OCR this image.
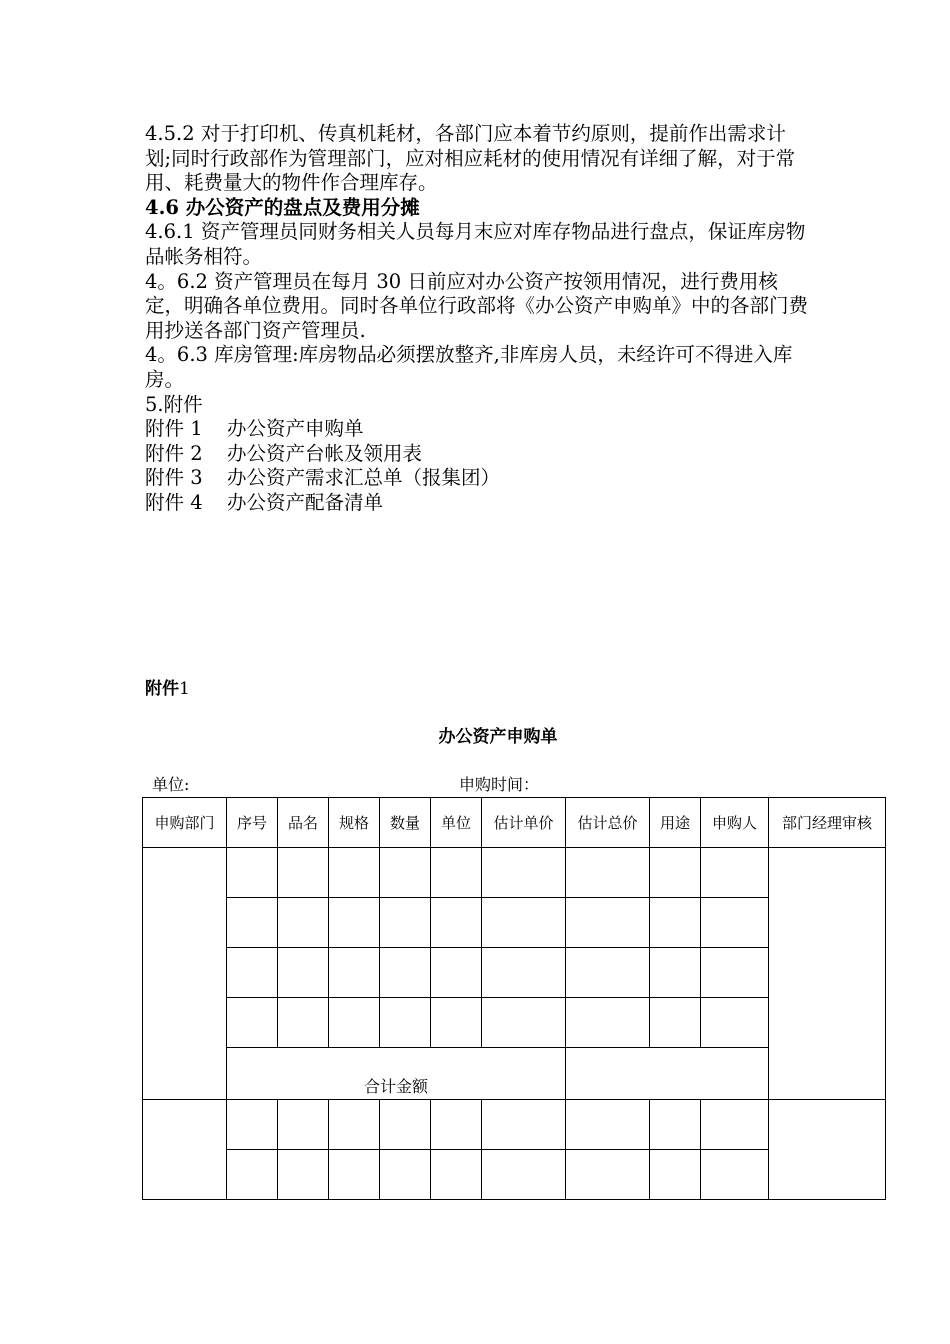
4.5.2 对于打印机、传真机耗材，各部门应本着节约原则，提前作出需求计划;同时行政部作为管理部门，应对相应耗材的使用情况有详细了解，对于常用、耗费量大的物件作合理库存。

4.6 办公资产的盘点及费用分摊

4.6.1 资产管理员同财务相关人员每月末应对库存物品进行盘点，保证库房物品帐务相符。

4。6.2 资产管理员在每月 30 日前应对办公资产按领用情况，进行费用核定，明确各单位费用。同时各单位行政部将《办公资产申购单》中的各部门费用抄送各部门资产管理员.

4。6.3 库房管理:库房物品必须摆放整齐,非库房人员，未经许可不得进入库房。

5.附件

附件 1 办公资产申购单

附件 2 办公资产台帐及领用表

附件 3 办公资产需求汇总单（报集团）

附件 4 办公资产配备清单

附件1
办公资产申购单
单位:	申购时间：
申购部门	序号	品名	规格	数量	单位	估计单价	估计总价	用途	申购人	部门经理审核

	合计金额									
